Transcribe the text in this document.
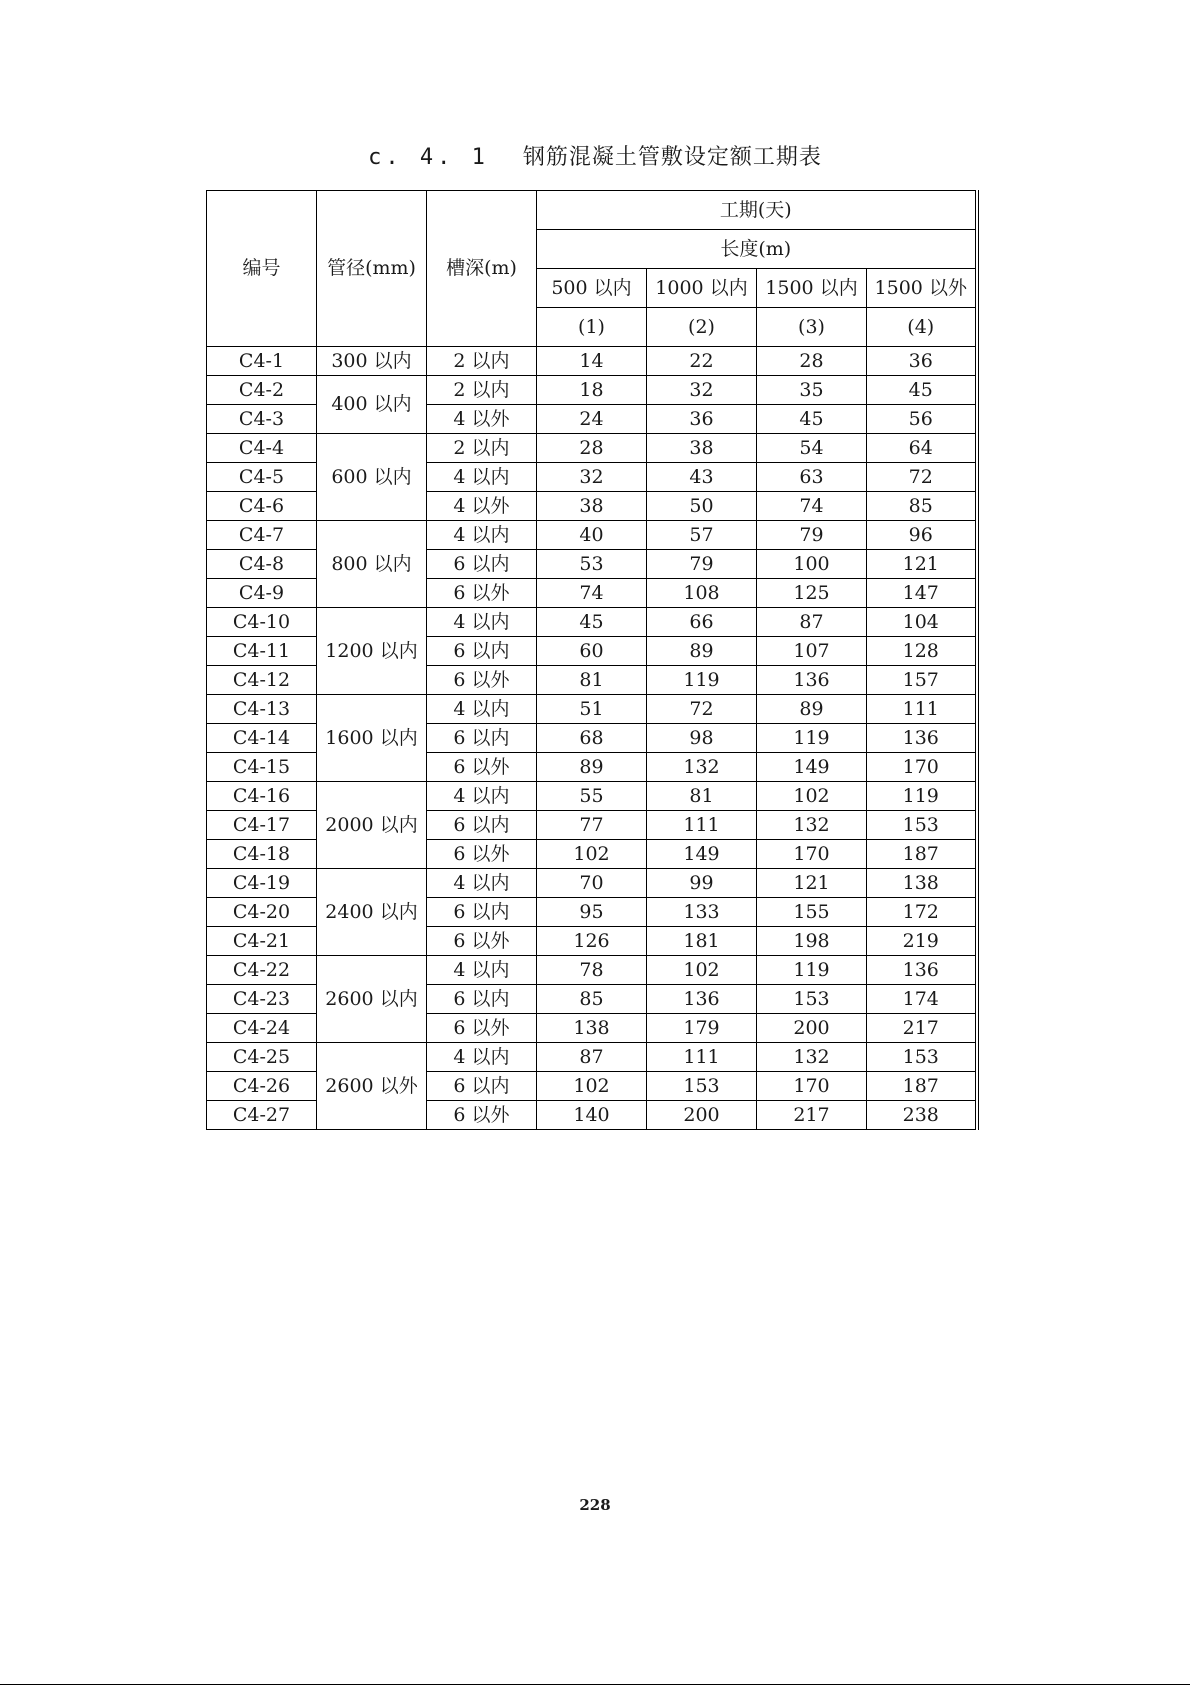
c. 4. 1 钢筋混凝土管敷设定额工期表
编号	管径(mm)	槽深(m)	工期(天)			
			长度(m)			
			500 以内	1000 以内	1500 以内	1500 以外
			(1)	(2)	(3)	(4)
C4-1	300 以内	2 以内	14	22	28	36
C4-2	400 以内	2 以内	18	32	35	45
C4-3		4 以外	24	36	45	56
C4-4	600 以内	2 以内	28	38	54	64
C4-5		4 以内	32	43	63	72
C4-6		4 以外	38	50	74	85
C4-7	800 以内	4 以内	40	57	79	96
C4-8		6 以内	53	79	100	121
C4-9		6 以外	74	108	125	147
C4-10	1200 以内	4 以内	45	66	87	104
C4-11		6 以内	60	89	107	128
C4-12		6 以外	81	119	136	157
C4-13	1600 以内	4 以内	51	72	89	111
C4-14		6 以内	68	98	119	136
C4-15		6 以外	89	132	149	170
C4-16	2000 以内	4 以内	55	81	102	119
C4-17		6 以内	77	111	132	153
C4-18		6 以外	102	149	170	187
C4-19	2400 以内	4 以内	70	99	121	138
C4-20		6 以内	95	133	155	172
C4-21		6 以外	126	181	198	219
C4-22	2600 以内	4 以内	78	102	119	136
C4-23		6 以内	85	136	153	174
C4-24		6 以外	138	179	200	217
C4-25	2600 以外	4 以内	87	111	132	153
C4-26		6 以内	102	153	170	187
C4-27		6 以外	140	200	217	238
228
